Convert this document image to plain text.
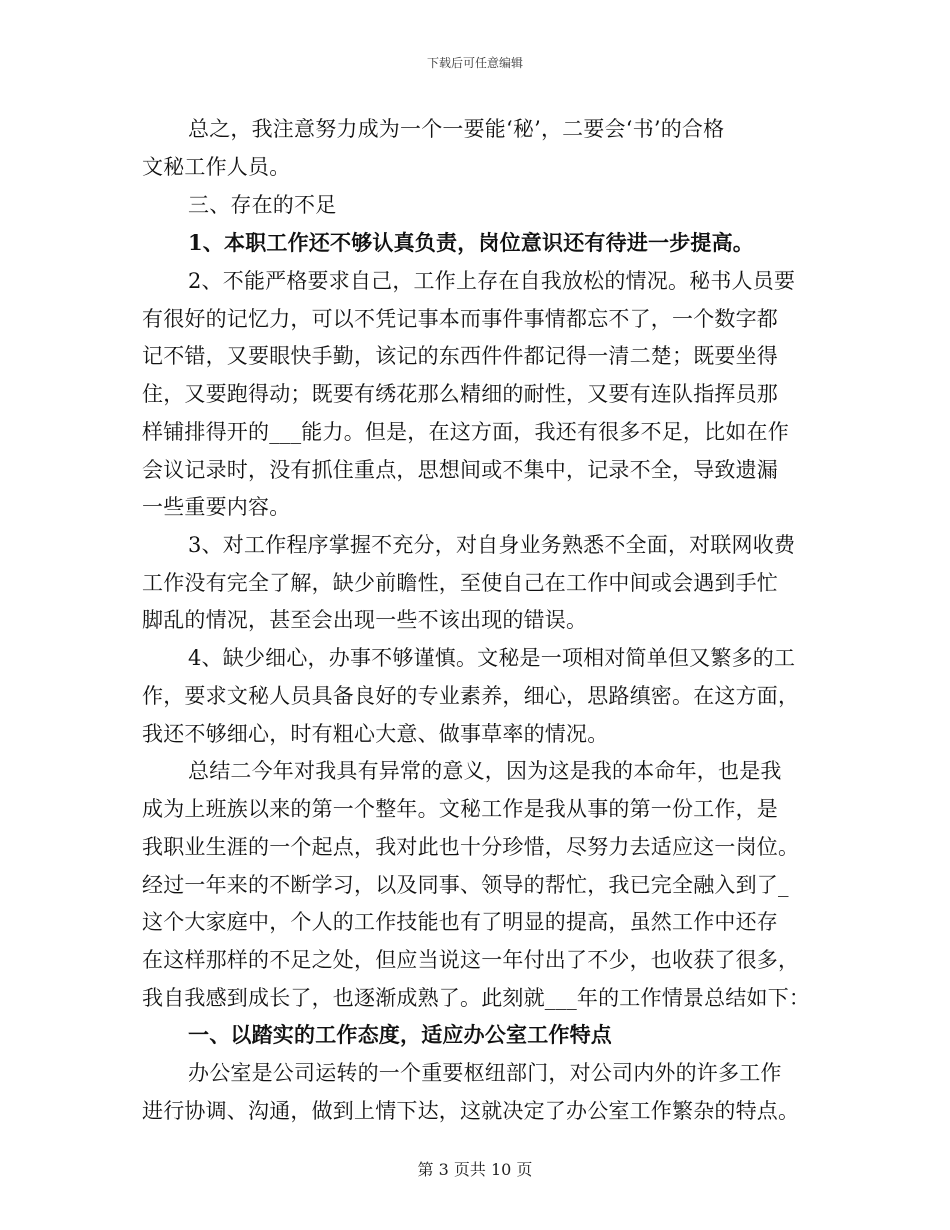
下载后可任意编辑
总之，我注意努力成为一个一要能‘秘’，二要会‘书’的合格
文秘工作人员。
三、存在的不足
1、本职工作还不够认真负责，岗位意识还有待进一步提高。
2、不能严格要求自己，工作上存在自我放松的情况。秘书人员要
有很好的记忆力，可以不凭记事本而事件事情都忘不了，一个数字都
记不错，又要眼快手勤，该记的东西件件都记得一清二楚；既要坐得
住，又要跑得动；既要有绣花那么精细的耐性，又要有连队指挥员那
样铺排得开的___能力。但是，在这方面，我还有很多不足，比如在作
会议记录时，没有抓住重点，思想间或不集中，记录不全，导致遗漏
一些重要内容。
3、对工作程序掌握不充分，对自身业务熟悉不全面，对联网收费
工作没有完全了解，缺少前瞻性，至使自己在工作中间或会遇到手忙
脚乱的情况，甚至会出现一些不该出现的错误。
4、缺少细心，办事不够谨慎。文秘是一项相对简单但又繁多的工
作，要求文秘人员具备良好的专业素养，细心，思路缜密。在这方面，
我还不够细心，时有粗心大意、做事草率的情况。
总结二今年对我具有异常的意义，因为这是我的本命年，也是我
成为上班族以来的第一个整年。文秘工作是我从事的第一份工作，是
我职业生涯的一个起点，我对此也十分珍惜，尽努力去适应这一岗位。
经过一年来的不断学习，以及同事、领导的帮忙，我已完全融入到了_
这个大家庭中，个人的工作技能也有了明显的提高，虽然工作中还存
在这样那样的不足之处，但应当说这一年付出了不少，也收获了很多，
我自我感到成长了，也逐渐成熟了。此刻就___年的工作情景总结如下：
一、以踏实的工作态度，适应办公室工作特点
办公室是公司运转的一个重要枢纽部门，对公司内外的许多工作
进行协调、沟通，做到上情下达，这就决定了办公室工作繁杂的特点。
第 3 页共 10 页
